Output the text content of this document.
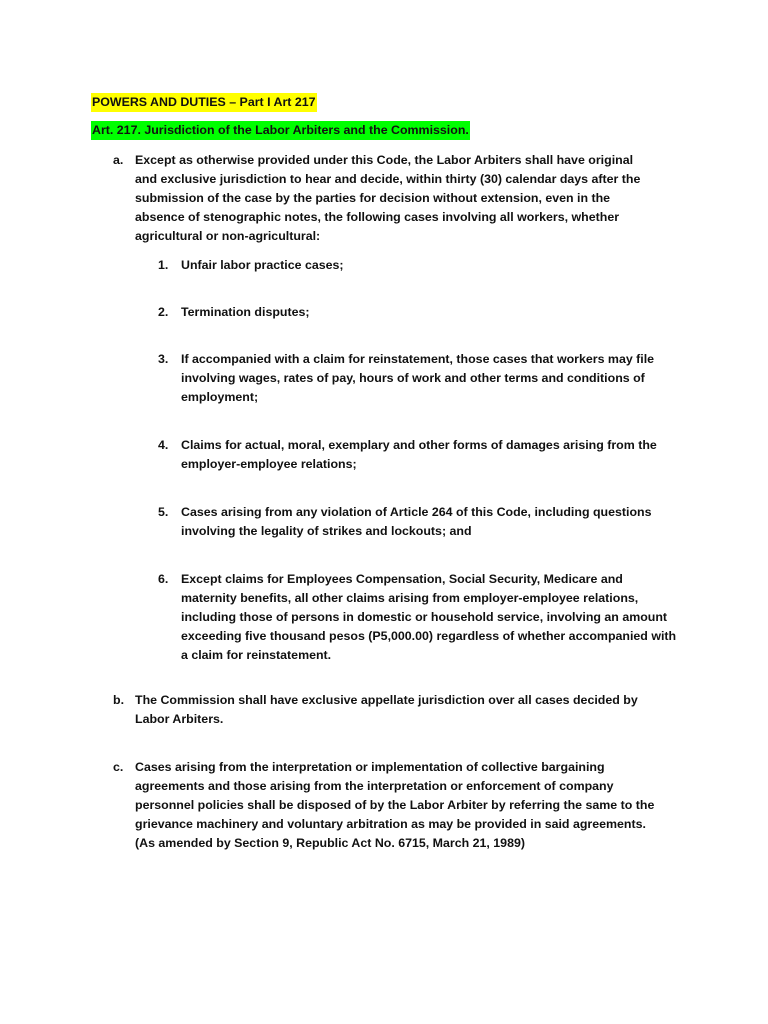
POWERS AND DUTIES – Part I Art 217
Art. 217. Jurisdiction of the Labor Arbiters and the Commission.
a. Except as otherwise provided under this Code, the Labor Arbiters shall have original and exclusive jurisdiction to hear and decide, within thirty (30) calendar days after the submission of the case by the parties for decision without extension, even in the absence of stenographic notes, the following cases involving all workers, whether agricultural or non-agricultural:
1. Unfair labor practice cases;
2. Termination disputes;
3. If accompanied with a claim for reinstatement, those cases that workers may file involving wages, rates of pay, hours of work and other terms and conditions of employment;
4. Claims for actual, moral, exemplary and other forms of damages arising from the employer-employee relations;
5. Cases arising from any violation of Article 264 of this Code, including questions involving the legality of strikes and lockouts; and
6. Except claims for Employees Compensation, Social Security, Medicare and maternity benefits, all other claims arising from employer-employee relations, including those of persons in domestic or household service, involving an amount exceeding five thousand pesos (P5,000.00) regardless of whether accompanied with a claim for reinstatement.
b. The Commission shall have exclusive appellate jurisdiction over all cases decided by Labor Arbiters.
c. Cases arising from the interpretation or implementation of collective bargaining agreements and those arising from the interpretation or enforcement of company personnel policies shall be disposed of by the Labor Arbiter by referring the same to the grievance machinery and voluntary arbitration as may be provided in said agreements. (As amended by Section 9, Republic Act No. 6715, March 21, 1989)
